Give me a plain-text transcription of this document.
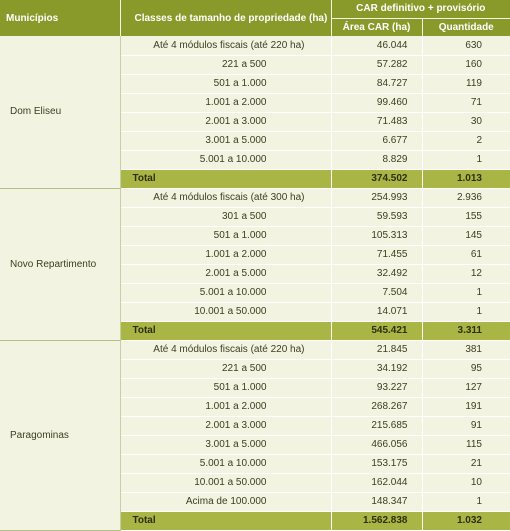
Municípios	Classes de tamanho de propriedade (ha)	CAR definitivo + provisório	
		Área CAR (ha)	Quantidade
Dom Eliseu	Até 4 módulos fiscais (até 220 ha)	46.044	630
	221 a 500	57.282	160
	501 a 1.000	84.727	119
	1.001 a 2.000	99.460	71
	2.001 a 3.000	71.483	30
	3.001 a 5.000	6.677	2
	5.001 a 10.000	8.829	1
	Total	374.502	1.013
Novo Repartimento	Até 4 módulos fiscais (até 300 ha)	254.993	2.936
	301 a 500	59.593	155
	501 a 1.000	105.313	145
	1.001 a 2.000	71.455	61
	2.001 a 5.000	32.492	12
	5.001 a 10.000	7.504	1
	10.001 a 50.000	14.071	1
	Total	545.421	3.311
Paragominas	Até 4 módulos fiscais (até 220 ha)	21.845	381
	221 a 500	34.192	95
	501 a 1.000	93.227	127
	1.001 a 2.000	268.267	191
	2.001 a 3.000	215.685	91
	3.001 a 5.000	466.056	115
	5.001 a 10.000	153.175	21
	10.001 a 50.000	162.044	10
	Acima de 100.000	148.347	1
	Total	1.562.838	1.032
